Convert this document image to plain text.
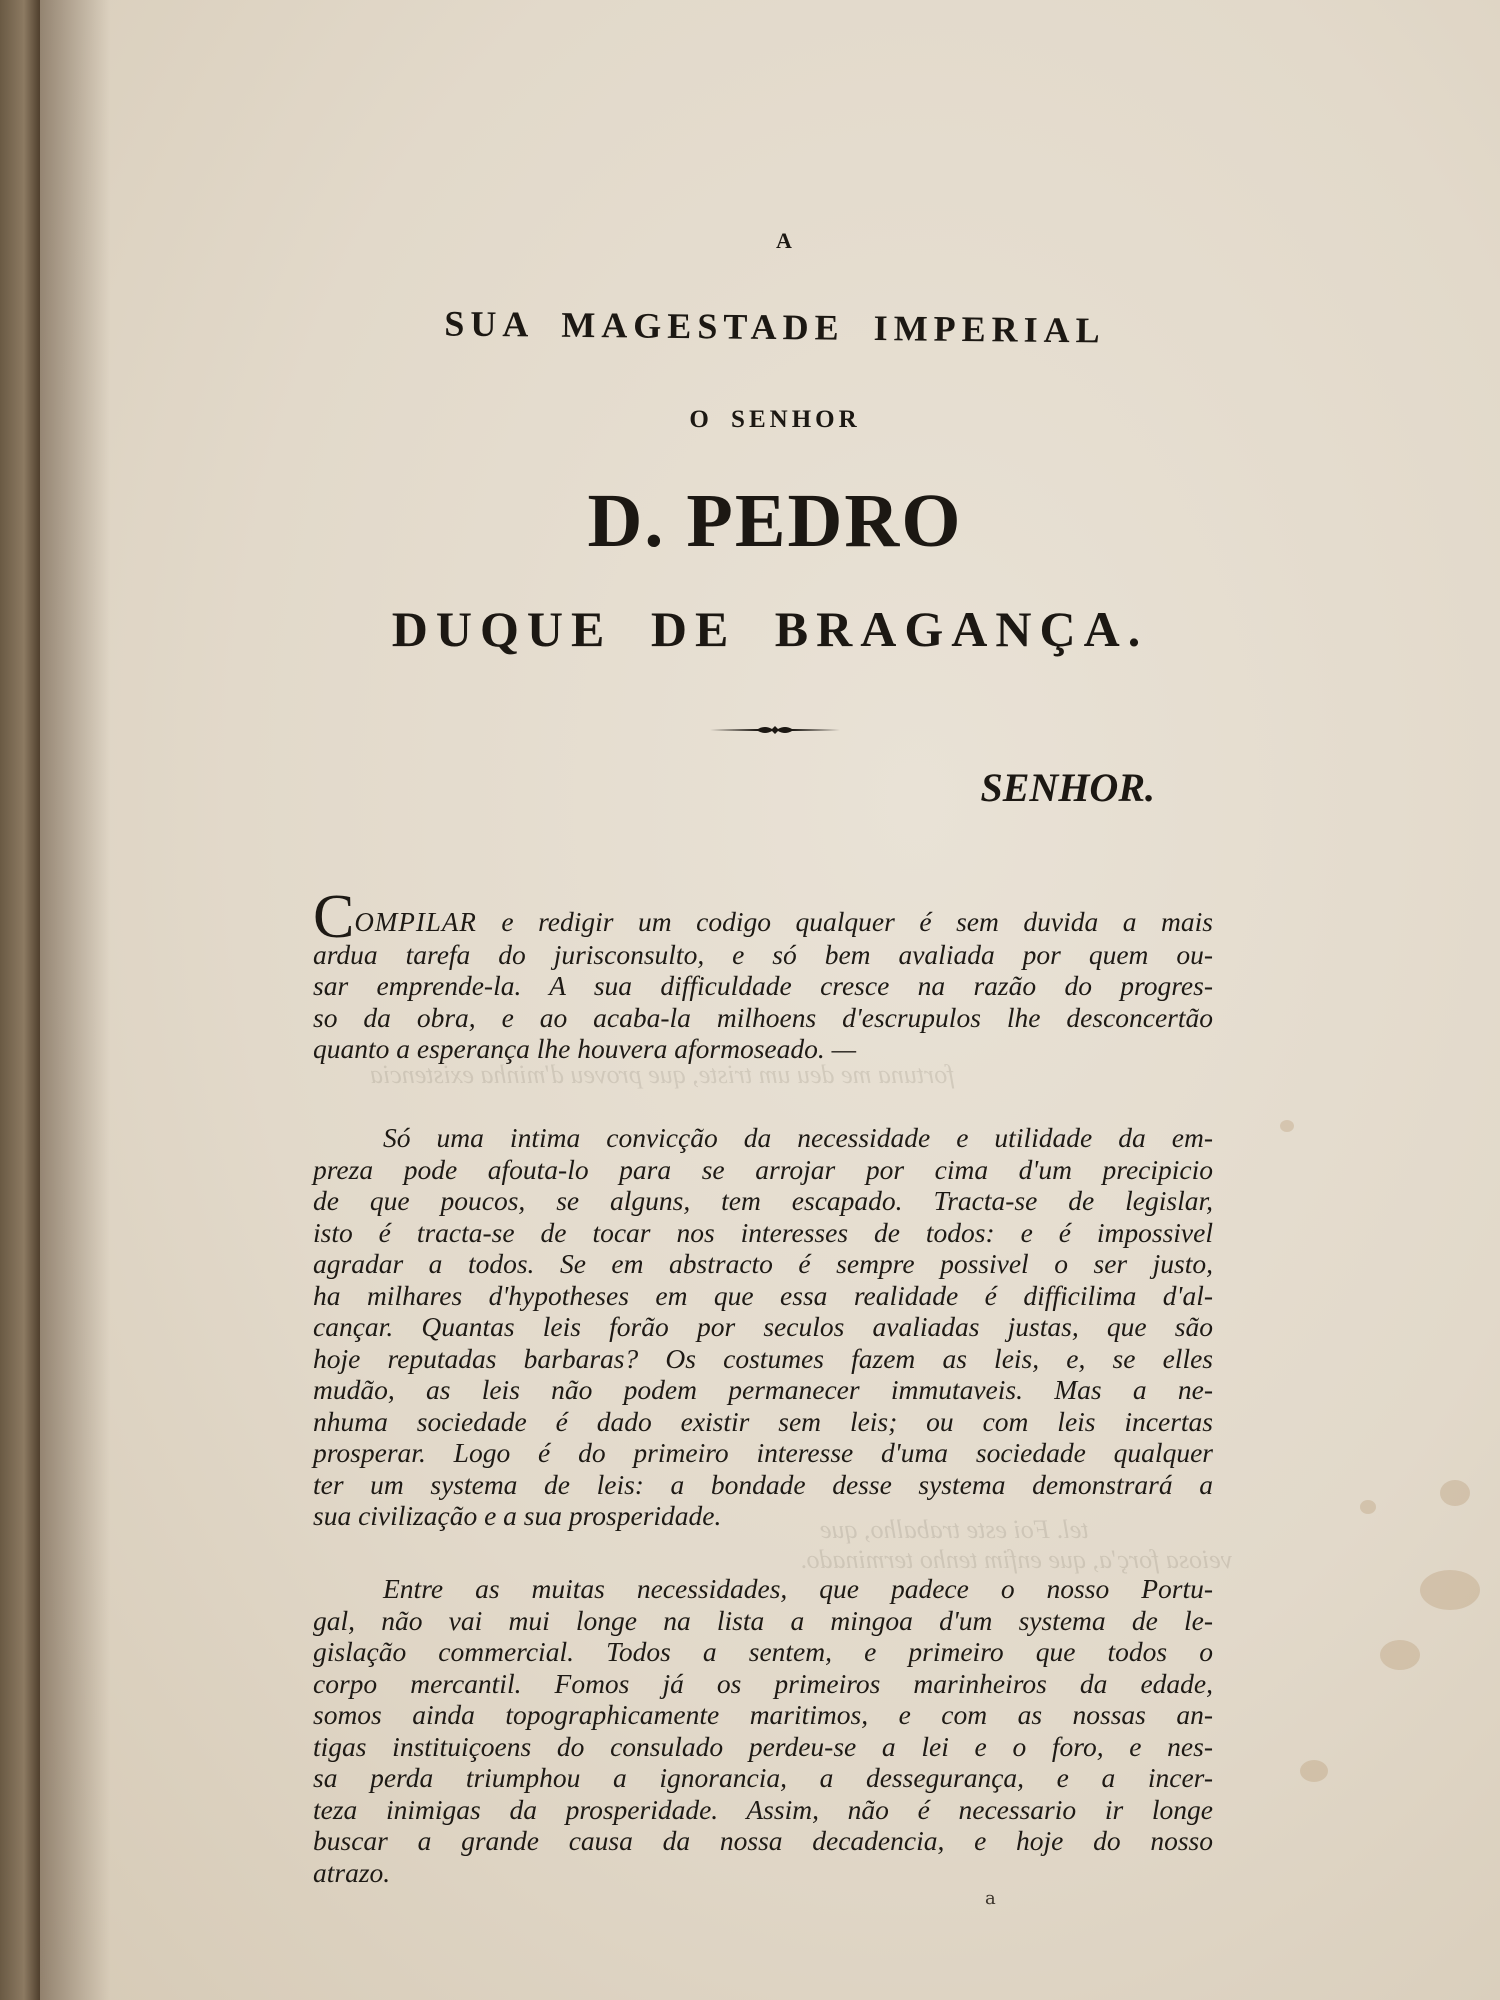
fortuna me deu um triste, que proveu d'minha existencia
tel. Foi este trabalho, que
veiosa forç'a, que enfim tenho terminado.
A
SUA MAGESTADE IMPERIAL
O SENHOR
D. PEDRO
DUQUE DE BRAGANÇA.
SENHOR.
COMPILAR e redigir um codigo qualquer é sem duvida a mais
ardua tarefa do jurisconsulto, e só bem avaliada por quem ou-
sar emprende-la. A sua difficuldade cresce na razão do progres-
so da obra, e ao acaba-la milhoens d'escrupulos lhe desconcertão
quanto a esperança lhe houvera aformoseado. —
Só uma intima convicção da necessidade e utilidade da em-
preza pode afouta-lo para se arrojar por cima d'um precipicio
de que poucos, se alguns, tem escapado. Tracta-se de legislar,
isto é tracta-se de tocar nos interesses de todos: e é impossivel
agradar a todos. Se em abstracto é sempre possivel o ser justo,
ha milhares d'hypotheses em que essa realidade é difficilima d'al-
cançar. Quantas leis forão por seculos avaliadas justas, que são
hoje reputadas barbaras? Os costumes fazem as leis, e, se elles
mudão, as leis não podem permanecer immutaveis. Mas a ne-
nhuma sociedade é dado existir sem leis; ou com leis incertas
prosperar. Logo é do primeiro interesse d'uma sociedade qualquer
ter um systema de leis: a bondade desse systema demonstrará a
sua civilização e a sua prosperidade.
Entre as muitas necessidades, que padece o nosso Portu-
gal, não vai mui longe na lista a mingoa d'um systema de le-
gislação commercial. Todos a sentem, e primeiro que todos o
corpo mercantil. Fomos já os primeiros marinheiros da edade,
somos ainda topographicamente maritimos, e com as nossas an-
tigas instituiçoens do consulado perdeu-se a lei e o foro, e nes-
sa perda triumphou a ignorancia, a desseguranҫa, e a incer-
teza inimigas da prosperidade. Assim, não é necessario ir longe
buscar a grande causa da nossa decadencia, e hoje do nosso
atrazo.
a
